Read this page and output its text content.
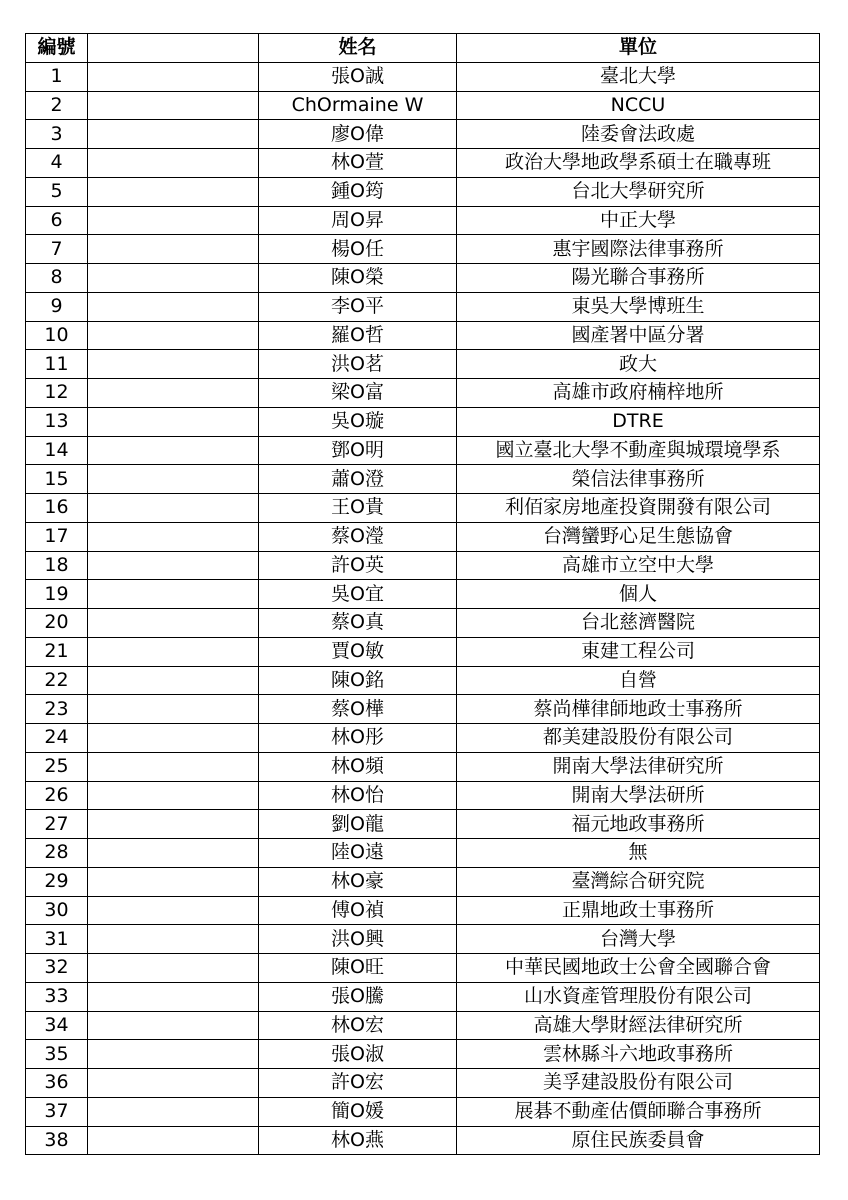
編號		姓名	單位
1		張O誠	臺北大學
2		ChOrmaine W	NCCU
3		廖O偉	陸委會法政處
4		林O萱	政治大學地政學系碩士在職專班
5		鍾O筠	台北大學研究所
6		周O昇	中正大學
7		楊O任	惠宇國際法律事務所
8		陳O榮	陽光聯合事務所
9		李O平	東吳大學博班生
10		羅O哲	國產署中區分署
11		洪O茗	政大
12		梁O富	高雄市政府楠梓地所
13		吳O璇	DTRE
14		鄧O明	國立臺北大學不動產與城環境學系
15		蕭O澄	榮信法律事務所
16		王O貴	利佰家房地產投資開發有限公司
17		蔡O瀅	台灣蠻野心足生態協會
18		許O英	高雄市立空中大學
19		吳O宜	個人
20		蔡O真	台北慈濟醫院
21		賈O敏	東建工程公司
22		陳O銘	自營
23		蔡O樺	蔡尚樺律師地政士事務所
24		林O彤	都美建設股份有限公司
25		林O頻	開南大學法律研究所
26		林O怡	開南大學法研所
27		劉O龍	福元地政事務所
28		陸O遠	無
29		林O豪	臺灣綜合研究院
30		傅O禎	正鼎地政士事務所
31		洪O興	台灣大學
32		陳O旺	中華民國地政士公會全國聯合會
33		張O騰	山水資產管理股份有限公司
34		林O宏	高雄大學財經法律研究所
35		張O淑	雲林縣斗六地政事務所
36		許O宏	美孚建設股份有限公司
37		簡O媛	展碁不動產估價師聯合事務所
38		林O燕	原住民族委員會
